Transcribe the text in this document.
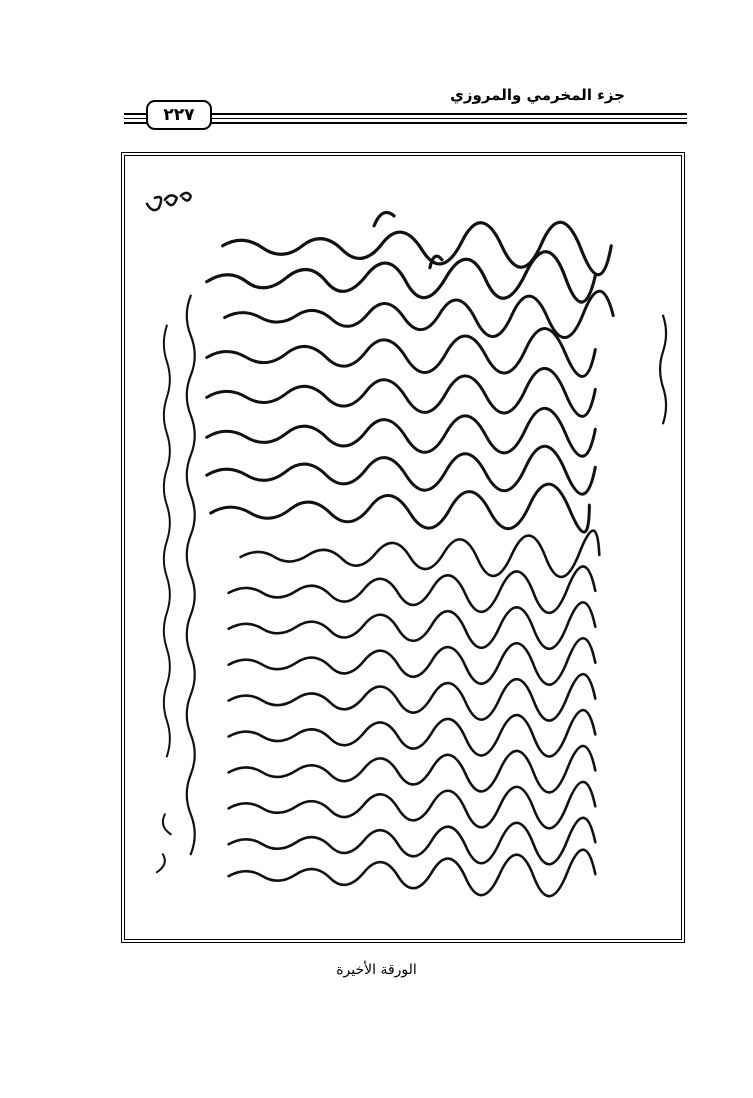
جزء المخرمي والمروزي
٢٢٧
الورقة الأخيرة
